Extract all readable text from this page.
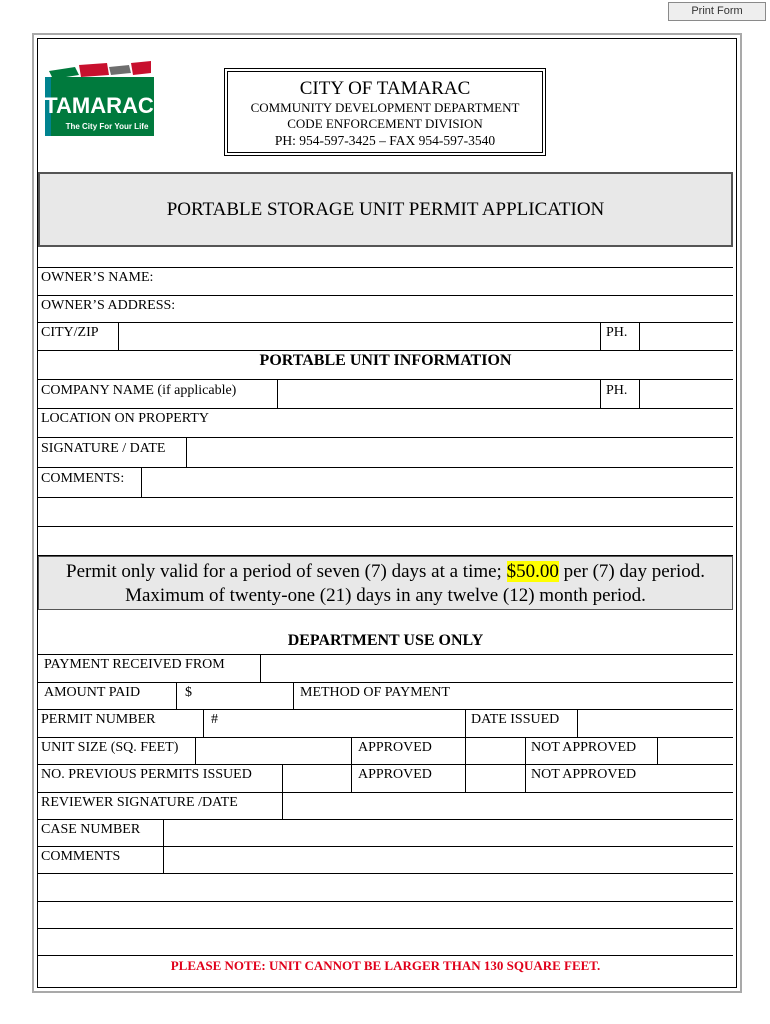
Print Form
TAMARAC
The City For Your Life
CITY OF TAMARAC
COMMUNITY DEVELOPMENT DEPARTMENT
CODE ENFORCEMENT DIVISION
PH: 954-597-3425 – FAX 954-597-3540
PORTABLE STORAGE UNIT PERMIT APPLICATION
OWNER’S NAME:
OWNER’S ADDRESS:
CITY/ZIP	PH.
PORTABLE UNIT INFORMATION
COMPANY NAME (if applicable)	PH.
LOCATION ON PROPERTY
SIGNATURE / DATE
COMMENTS:
Permit only valid for a period of seven (7) days at a time; $50.00 per (7) day period.
Maximum of twenty-one (21) days in any twelve (12) month period.
DEPARTMENT USE ONLY
PAYMENT RECEIVED FROM
AMOUNT PAID	$	METHOD OF PAYMENT
PERMIT NUMBER	#	DATE ISSUED
UNIT SIZE (SQ. FEET)	APPROVED	NOT APPROVED
NO. PREVIOUS PERMITS ISSUED	APPROVED	NOT APPROVED
REVIEWER SIGNATURE /DATE
CASE NUMBER
COMMENTS
PLEASE NOTE: UNIT CANNOT BE LARGER THAN 130 SQUARE FEET.
